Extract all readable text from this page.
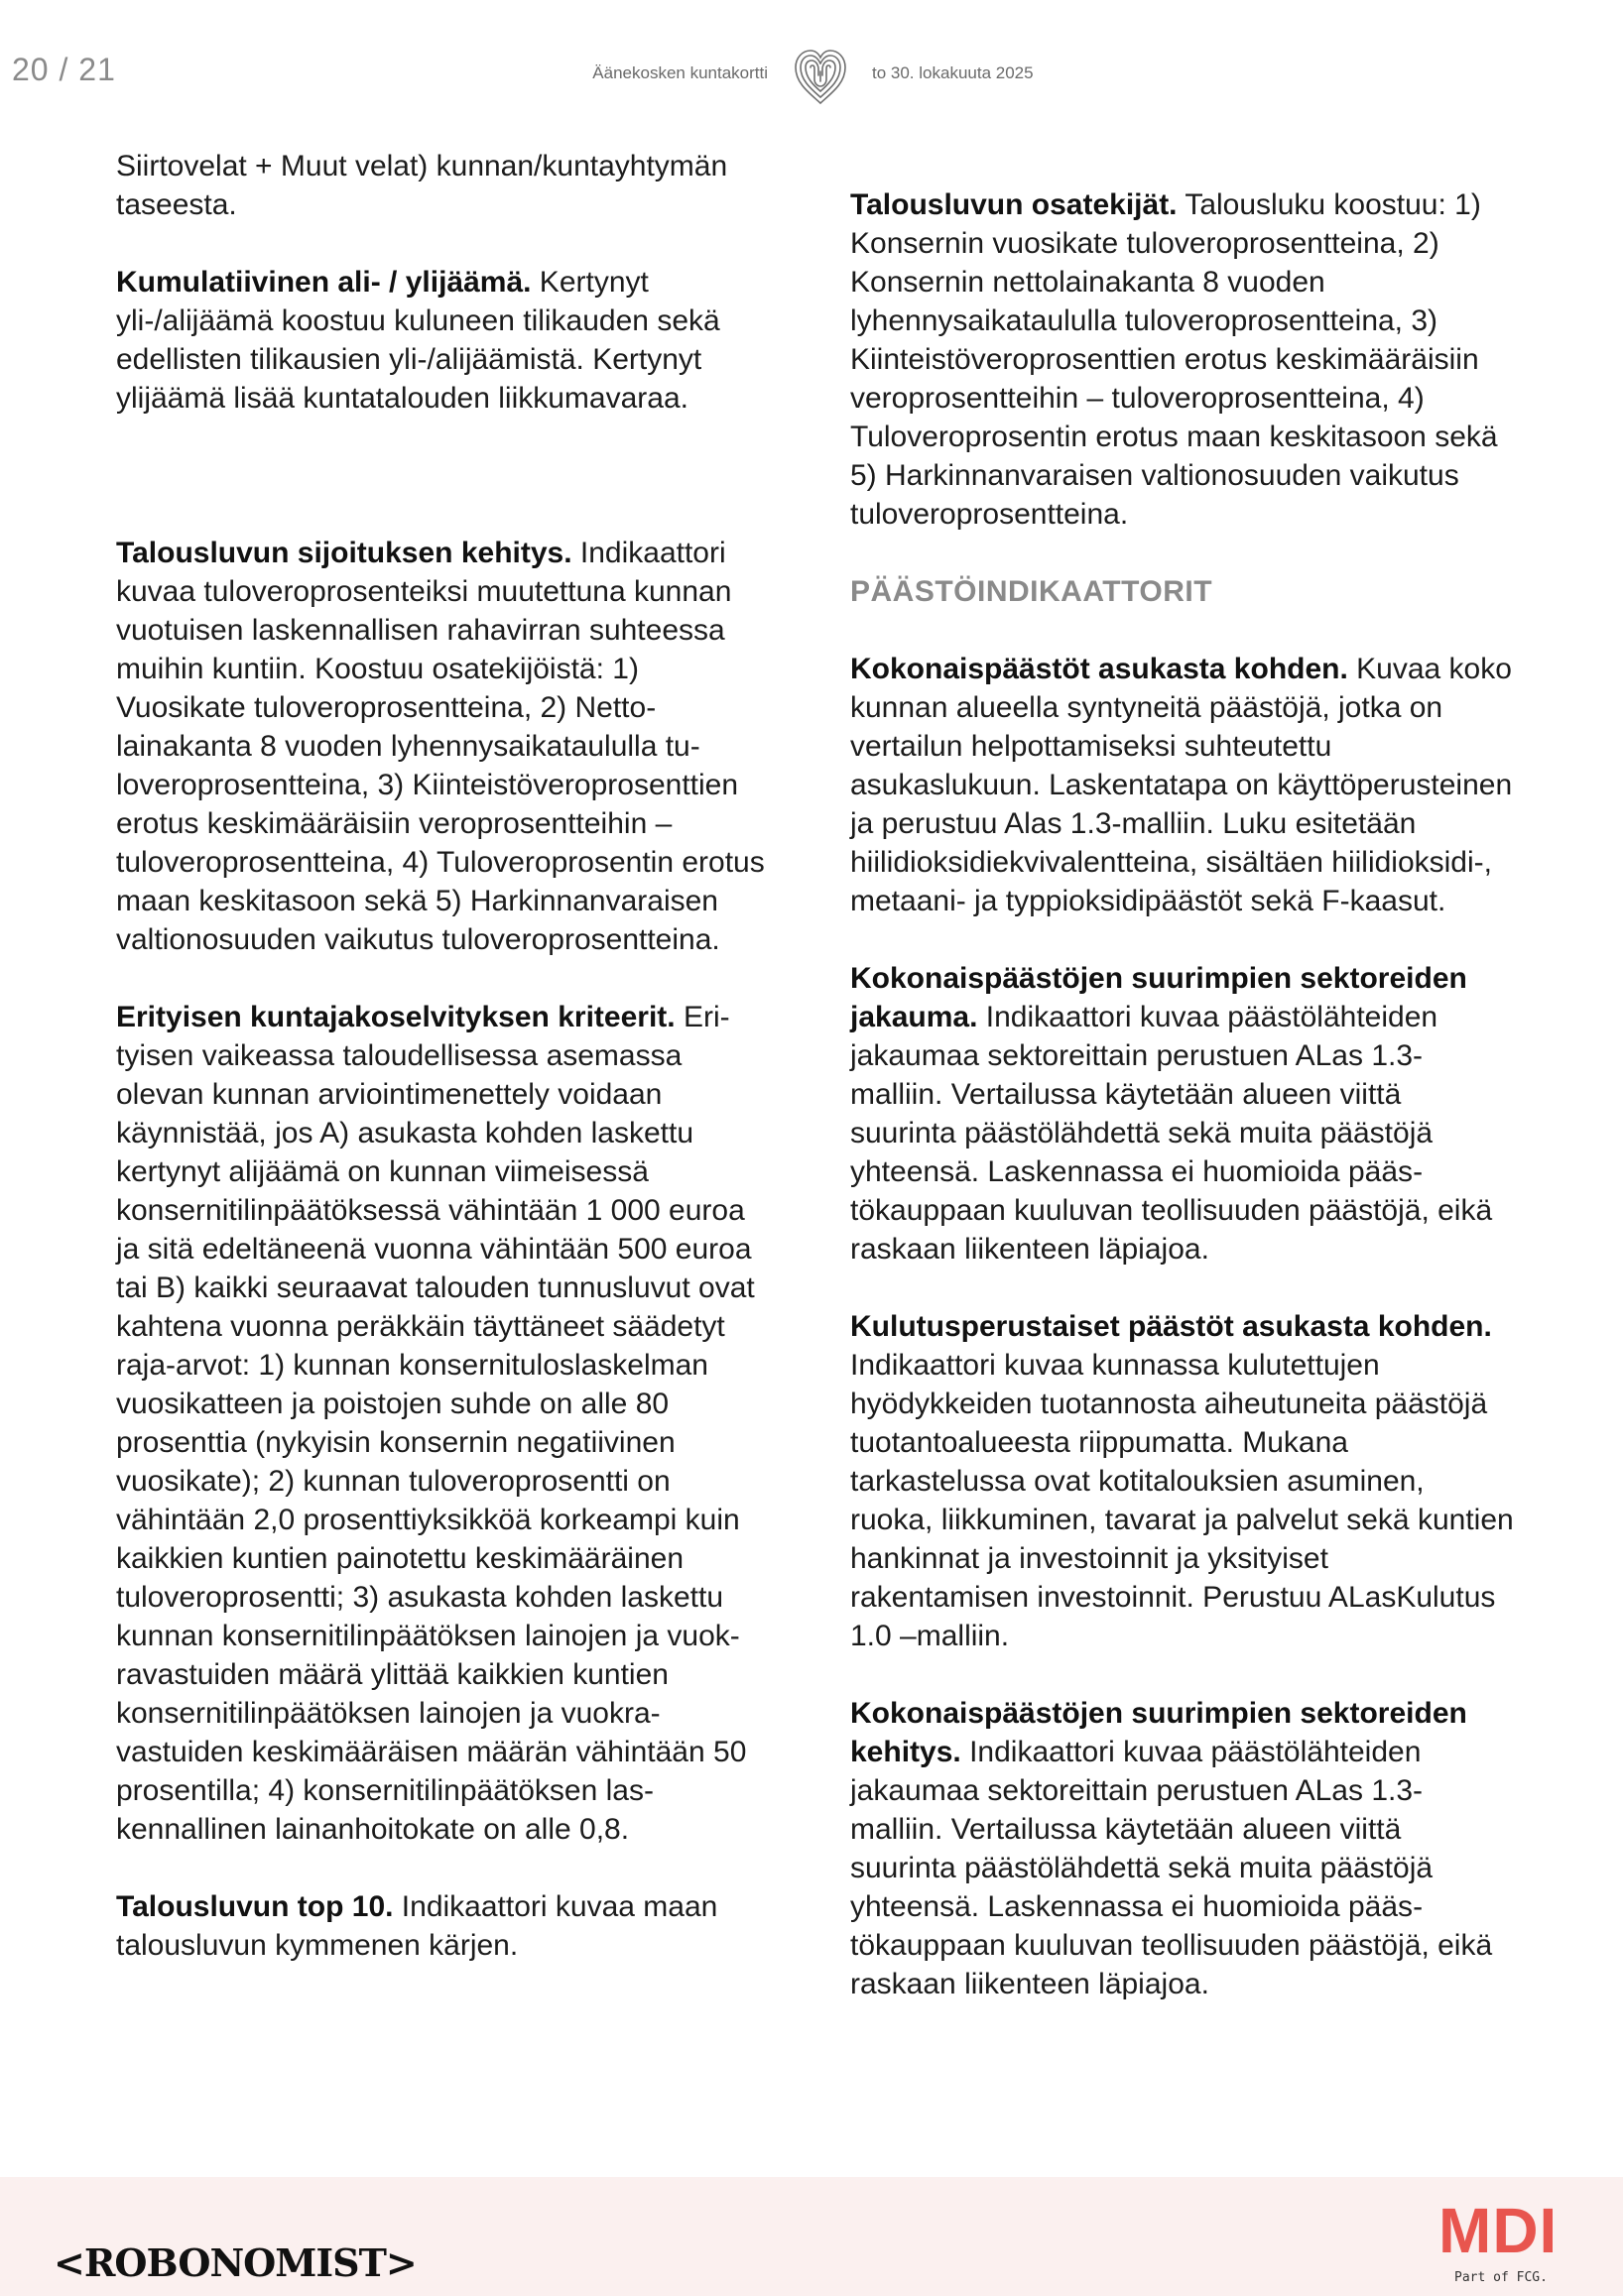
20 / 21	Äänekosken kuntakortti	to 30. lokakuuta 2025

Siirtovelat + Muut velat) kunnan/kuntayhtymän taseesta.

Kumulatiivinen ali- / ylijäämä. Kertynyt yli-/alijäämä koostuu kuluneen tilikauden sekä edellisten tilikausien yli-/alijäämistä. Kertynyt ylijäämä lisää kuntatalouden liikkumavaraa.

Talousluvun sijoituksen kehitys. Indikaattori kuvaa tuloveroprosenteiksi muutettuna kunnan vuotuisen laskennallisen rahavirran suhteessa muihin kuntiin. Koostuu osatekijöistä: 1) Vuosikate tuloveroprosentteina, 2) Nettolainakanta 8 vuoden lyhennysaikataululla tuloveroprosentteina, 3) Kiinteistöveroprosenttien erotus keskimääräisiin veroprosentteihin – tuloveroprosentteina, 4) Tuloveroprosentin erotus maan keskitasoon sekä 5) Harkinnanvaraisen valtionosuuden vaikutus tuloveroprosentteina.

Erityisen kuntajakoselvityksen kriteerit. Erityisen vaikeassa taloudellisessa asemassa olevan kunnan arviointimenettely voidaan käynnistää, jos A) asukasta kohden laskettu kertynyt alijäämä on kunnan viimeisessä konsernitilinpäätöksessä vähintään 1 000 euroa ja sitä edeltäneenä vuonna vähintään 500 euroa tai B) kaikki seuraavat talouden tunnusluvut ovat kahtena vuonna peräkkäin täyttäneet säädetyt raja-arvot: 1) kunnan konsernituloslaskelman vuosikatteen ja poistojen suhde on alle 80 prosenttia (nykyisin konsernin negatiivinen vuosikate); 2) kunnan tuloveroprosentti on vähintään 2,0 prosenttiyksikköä korkeampi kuin kaikkien kuntien painotettu keskimääräinen tuloveroprosentti; 3) asukasta kohden laskettu kunnan konsernitilinpäätöksen lainojen ja vuokravastuiden määrä ylittää kaikkien kuntien konsernitilinpäätöksen lainojen ja vuokravastuiden keskimääräisen määrän vähintään 50 prosentilla; 4) konsernitilinpäätöksen laskennallinen lainanhoitokate on alle 0,8.

Talousluvun top 10. Indikaattori kuvaa maan talousluvun kymmenen kärjen.

Talousluvun osatekijät. Talousluku koostuu: 1) Konsernin vuosikate tuloveroprosentteina, 2) Konsernin nettolainakanta 8 vuoden lyhennysaikataululla tuloveroprosentteina, 3) Kiinteistöveroprosenttien erotus keskimääräisiin veroprosentteihin – tuloveroprosentteina, 4) Tuloveroprosentin erotus maan keskitasoon sekä 5) Harkinnanvaraisen valtionosuuden vaikutus tuloveroprosentteina.

PÄÄSTÖINDIKAATTORIT

Kokonaispäästöt asukasta kohden. Kuvaa koko kunnan alueella syntyneitä päästöjä, jotka on vertailun helpottamiseksi suhteutettu asukaslukuun. Laskentatapa on käyttöperusteinen ja perustuu Alas 1.3-malliin. Luku esitetään hiilidioksidiekvivalentteina, sisältäen hiilidioksidi-, metaani- ja typpioksidipäästöt sekä F-kaasut.

Kokonaispäästöjen suurimpien sektoreiden jakauma. Indikaattori kuvaa päästölähteiden jakaumaa sektoreittain perustuen ALas 1.3-malliin. Vertailussa käytetään alueen viittä suurinta päästölähdettä sekä muita päästöjä yhteensä. Laskennassa ei huomioida päästökauppaan kuuluvan teollisuuden päästöjä, eikä raskaan liikenteen läpiajoa.

Kulutusperustaiset päästöt asukasta kohden. Indikaattori kuvaa kunnassa kulutettujen hyödykkeiden tuotannosta aiheutuneita päästöjä tuotantoalueesta riippumatta. Mukana tarkastelussa ovat kotitalouksien asuminen, ruoka, liikkuminen, tavarat ja palvelut sekä kuntien hankinnat ja investoinnit ja yksityiset rakentamisen investoinnit. Perustuu ALasKulutus 1.0 –malliin.

Kokonaispäästöjen suurimpien sektoreiden kehitys. Indikaattori kuvaa päästölähteiden jakaumaa sektoreittain perustuen ALas 1.3-malliin. Vertailussa käytetään alueen viittä suurinta päästölähdettä sekä muita päästöjä yhteensä. Laskennassa ei huomioida päästökauppaan kuuluvan teollisuuden päästöjä, eikä raskaan liikenteen läpiajoa.

<ROBONOMIST>	MDI
Part of FCG.
